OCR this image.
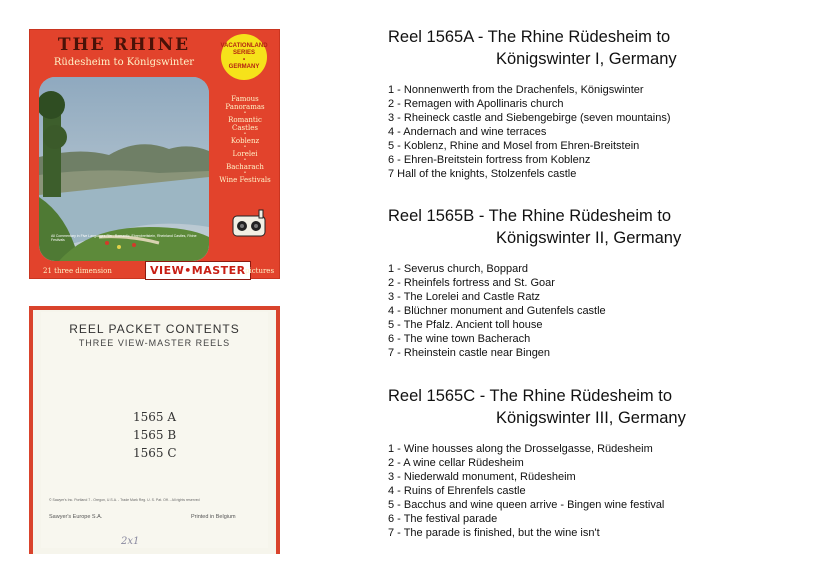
THE RHINE
Rüdesheim to Königswinter
VACATIONLAND
SERIES
•
GERMANY
All Commentary in Five Languages Rin - Romantic, Ehrenbreitstein, Rheinland Castles, Rhine Festivals
Famous
Panoramas
•
Romantic
Castles
•
Koblenz
•
Lorelei
•
Bacharach
•
Wine Festivals
21 three dimension	VIEW•MASTER pictures
REEL PACKET CONTENTS
THREE VIEW-MASTER REELS
1565 A
1565 B
1565 C
© Sawyer's Inc. Portland 7 - Oregon, U.S.A. - Trade Mark Reg. U. S. Pat. Off. - All rights reserved
Sawyer's Europe S.A.	Printed in Belgium
2x1
Reel 1565A - The Rhine Rüdesheim to
Königswinter I, Germany
1 - Nonnenwerth from the Drachenfels, Königswinter
2 - Remagen with Apollinaris church
3 - Rheineck castle and Siebengebirge (seven mountains)
4 - Andernach and wine terraces
5 - Koblenz, Rhine and Mosel from Ehren-Breitstein
6 - Ehren-Breitstein fortress from Koblenz
7 Hall of the knights, Stolzenfels castle
Reel 1565B - The Rhine Rüdesheim to
Königswinter II, Germany
1 - Severus church, Boppard
2 - Rheinfels fortress and St. Goar
3 - The Lorelei and Castle Ratz
4 - Blüchner monument and Gutenfels castle
5 - The Pfalz. Ancient toll house
6 - The wine town Bacherach
7 - Rheinstein castle near Bingen
Reel 1565C - The Rhine Rüdesheim to
Königswinter III, Germany
1 - Wine housses along the Drosselgasse, Rüdesheim
2 - A wine cellar Rüdesheim
3 - Niederwald monument, Rüdesheim
4 - Ruins of Ehrenfels castle
5 - Bacchus and wine queen arrive - Bingen wine festival
6 - The festival parade
7 - The parade is finished, but the wine isn't
